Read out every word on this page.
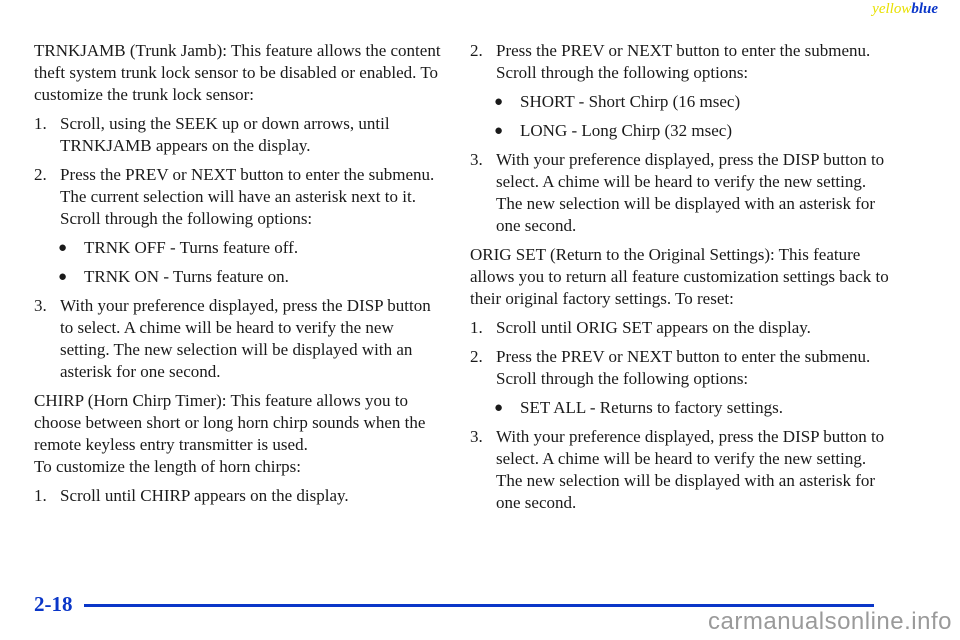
yellowblue

TRNKJAMB (Trunk Jamb): This feature allows the content theft system trunk lock sensor to be disabled or enabled. To customize the trunk lock sensor:

1. Scroll, using the SEEK up or down arrows, until TRNKJAMB appears on the display.
2. Press the PREV or NEXT button to enter the submenu. The current selection will have an asterisk next to it. Scroll through the following options:
● TRNK OFF - Turns feature off.
● TRNK ON - Turns feature on.
3. With your preference displayed, press the DISP button to select. A chime will be heard to verify the new setting. The new selection will be displayed with an asterisk for one second.

CHIRP (Horn Chirp Timer): This feature allows you to choose between short or long horn chirp sounds when the remote keyless entry transmitter is used.
To customize the length of horn chirps:

1. Scroll until CHIRP appears on the display.
2. Press the PREV or NEXT button to enter the submenu. Scroll through the following options:
● SHORT - Short Chirp (16 msec)
● LONG - Long Chirp (32 msec)
3. With your preference displayed, press the DISP button to select. A chime will be heard to verify the new setting. The new selection will be displayed with an asterisk for one second.

ORIG SET (Return to the Original Settings): This feature allows you to return all feature customization settings back to their original factory settings. To reset:

1. Scroll until ORIG SET appears on the display.
2. Press the PREV or NEXT button to enter the submenu. Scroll through the following options:
● SET ALL - Returns to factory settings.
3. With your preference displayed, press the DISP button to select. A chime will be heard to verify the new setting. The new selection will be displayed with an asterisk for one second.
2-18
carmanualsonline.info
